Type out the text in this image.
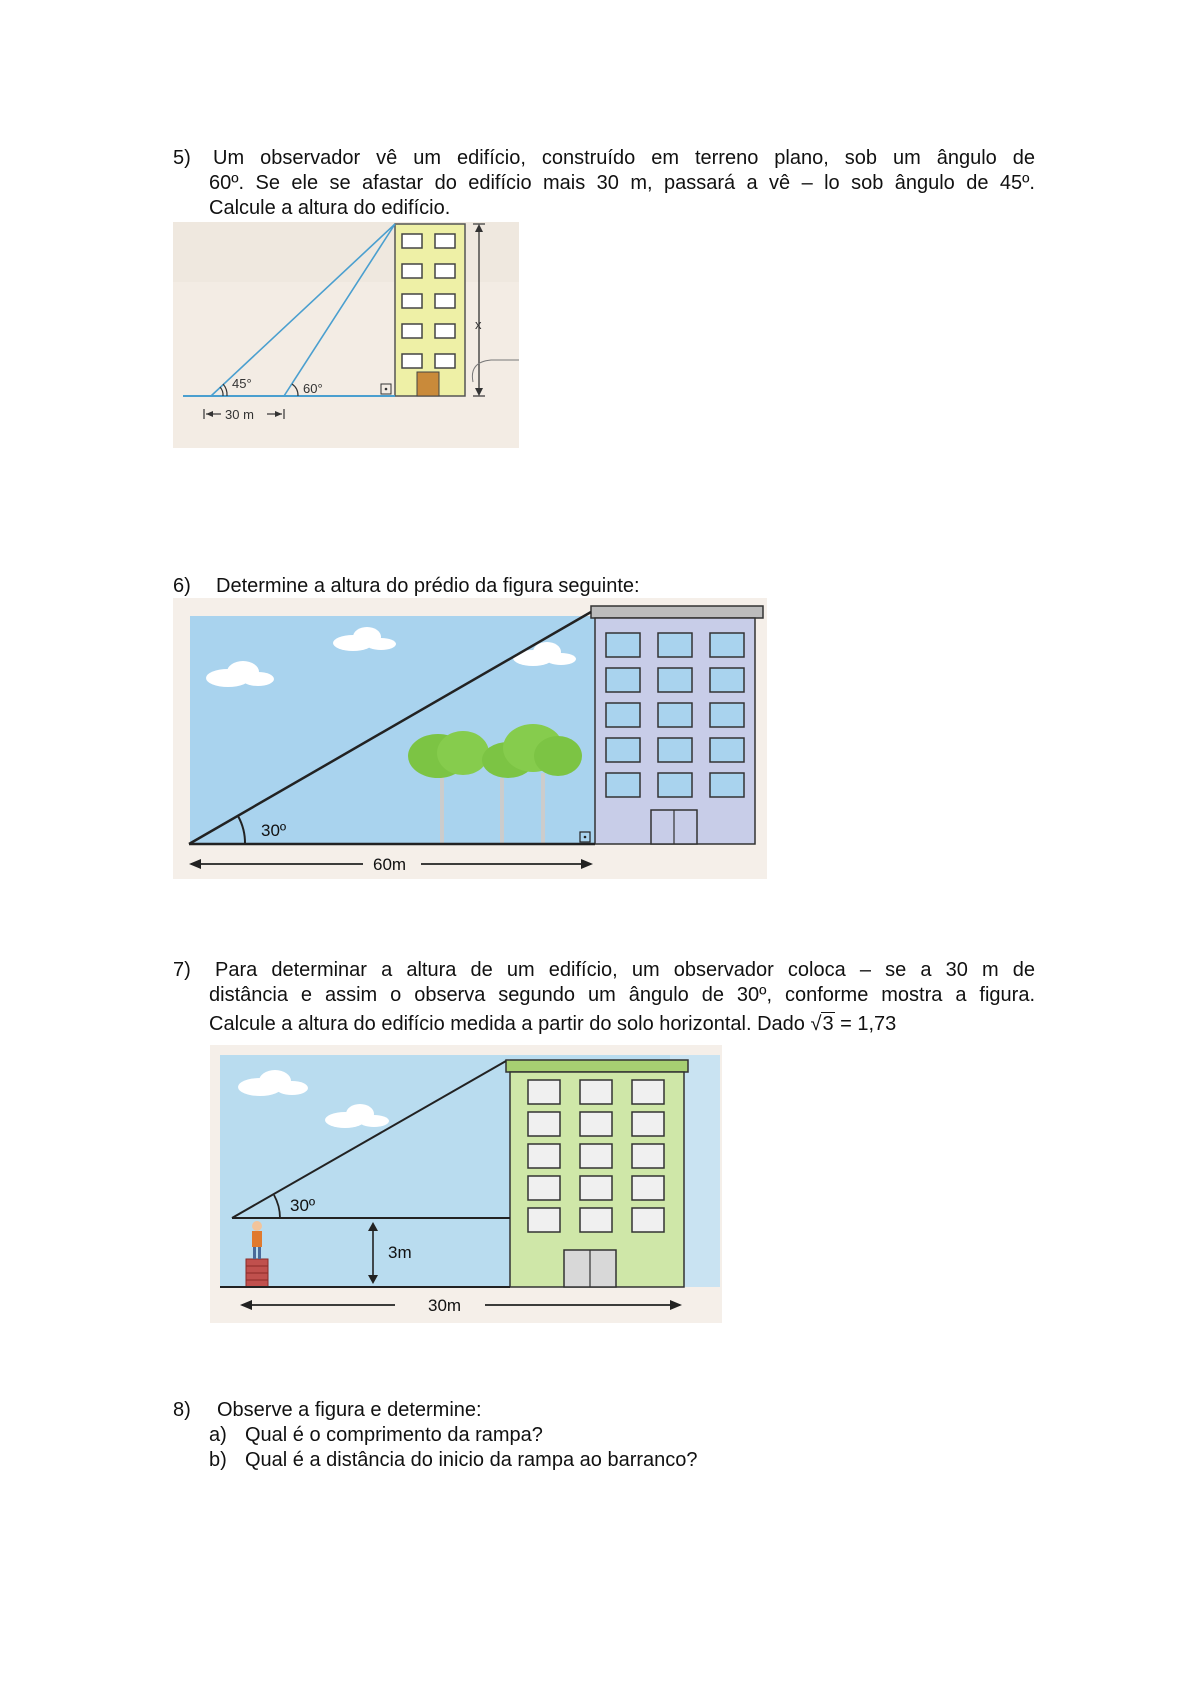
5) Um observador vê um edifício, construído em terreno plano, sob um ângulo de
60º. Se ele se afastar do edifício mais 30 m, passará a vê – lo sob ângulo de 45º.
Calcule a altura do edifício.
45°	60°
30 m
x
6) Determine a altura do prédio da figura seguinte:
30º
60m
7) Para determinar a altura de um edifício, um observador coloca – se a 30 m de
distância e assim o observa segundo um ângulo de 30º, conforme mostra a figura.
Calcule a altura do edifício medida a partir do solo horizontal. Dado √3 = 1,73
30º
3m
30m
8) Observe a figura e determine:
a) Qual é o comprimento da rampa?
b) Qual é a distância do inicio da rampa ao barranco?
